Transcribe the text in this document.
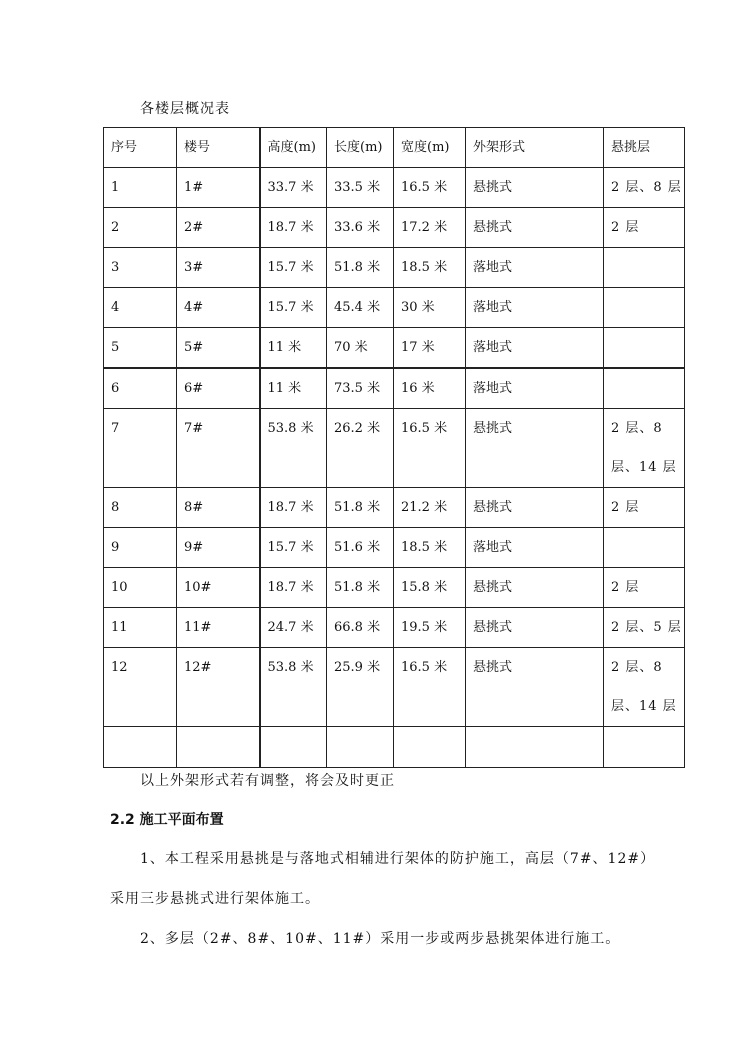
各楼层概况表
序号	楼号	高度(m)	长度(m)	宽度(m)	外架形式	悬挑层
1	1#	33.7 米	33.5 米	16.5 米	悬挑式	2 层、8 层
2	2#	18.7 米	33.6 米	17.2 米	悬挑式	2 层
3	3#	15.7 米	51.8 米	18.5 米	落地式	
4	4#	15.7 米	45.4 米	30 米	落地式	
5	5#	11 米	70 米	17 米	落地式	
6	6#	11 米	73.5 米	16 米	落地式	
7	7#	53.8 米	26.2 米	16.5 米	悬挑式	2 层、8 层、14 层
8	8#	18.7 米	51.8 米	21.2 米	悬挑式	2 层
9	9#	15.7 米	51.6 米	18.5 米	落地式	
10	10#	18.7 米	51.8 米	15.8 米	悬挑式	2 层
11	11#	24.7 米	66.8 米	19.5 米	悬挑式	2 层、5 层
12	12#	53.8 米	25.9 米	16.5 米	悬挑式	2 层、8 层、14 层

以上外架形式若有调整，将会及时更正
2.2 施工平面布置
1、本工程采用悬挑是与落地式相辅进行架体的防护施工，高层（7#、12#）
采用三步悬挑式进行架体施工。
2、多层（2#、8#、10#、11#）采用一步或两步悬挑架体进行施工。
